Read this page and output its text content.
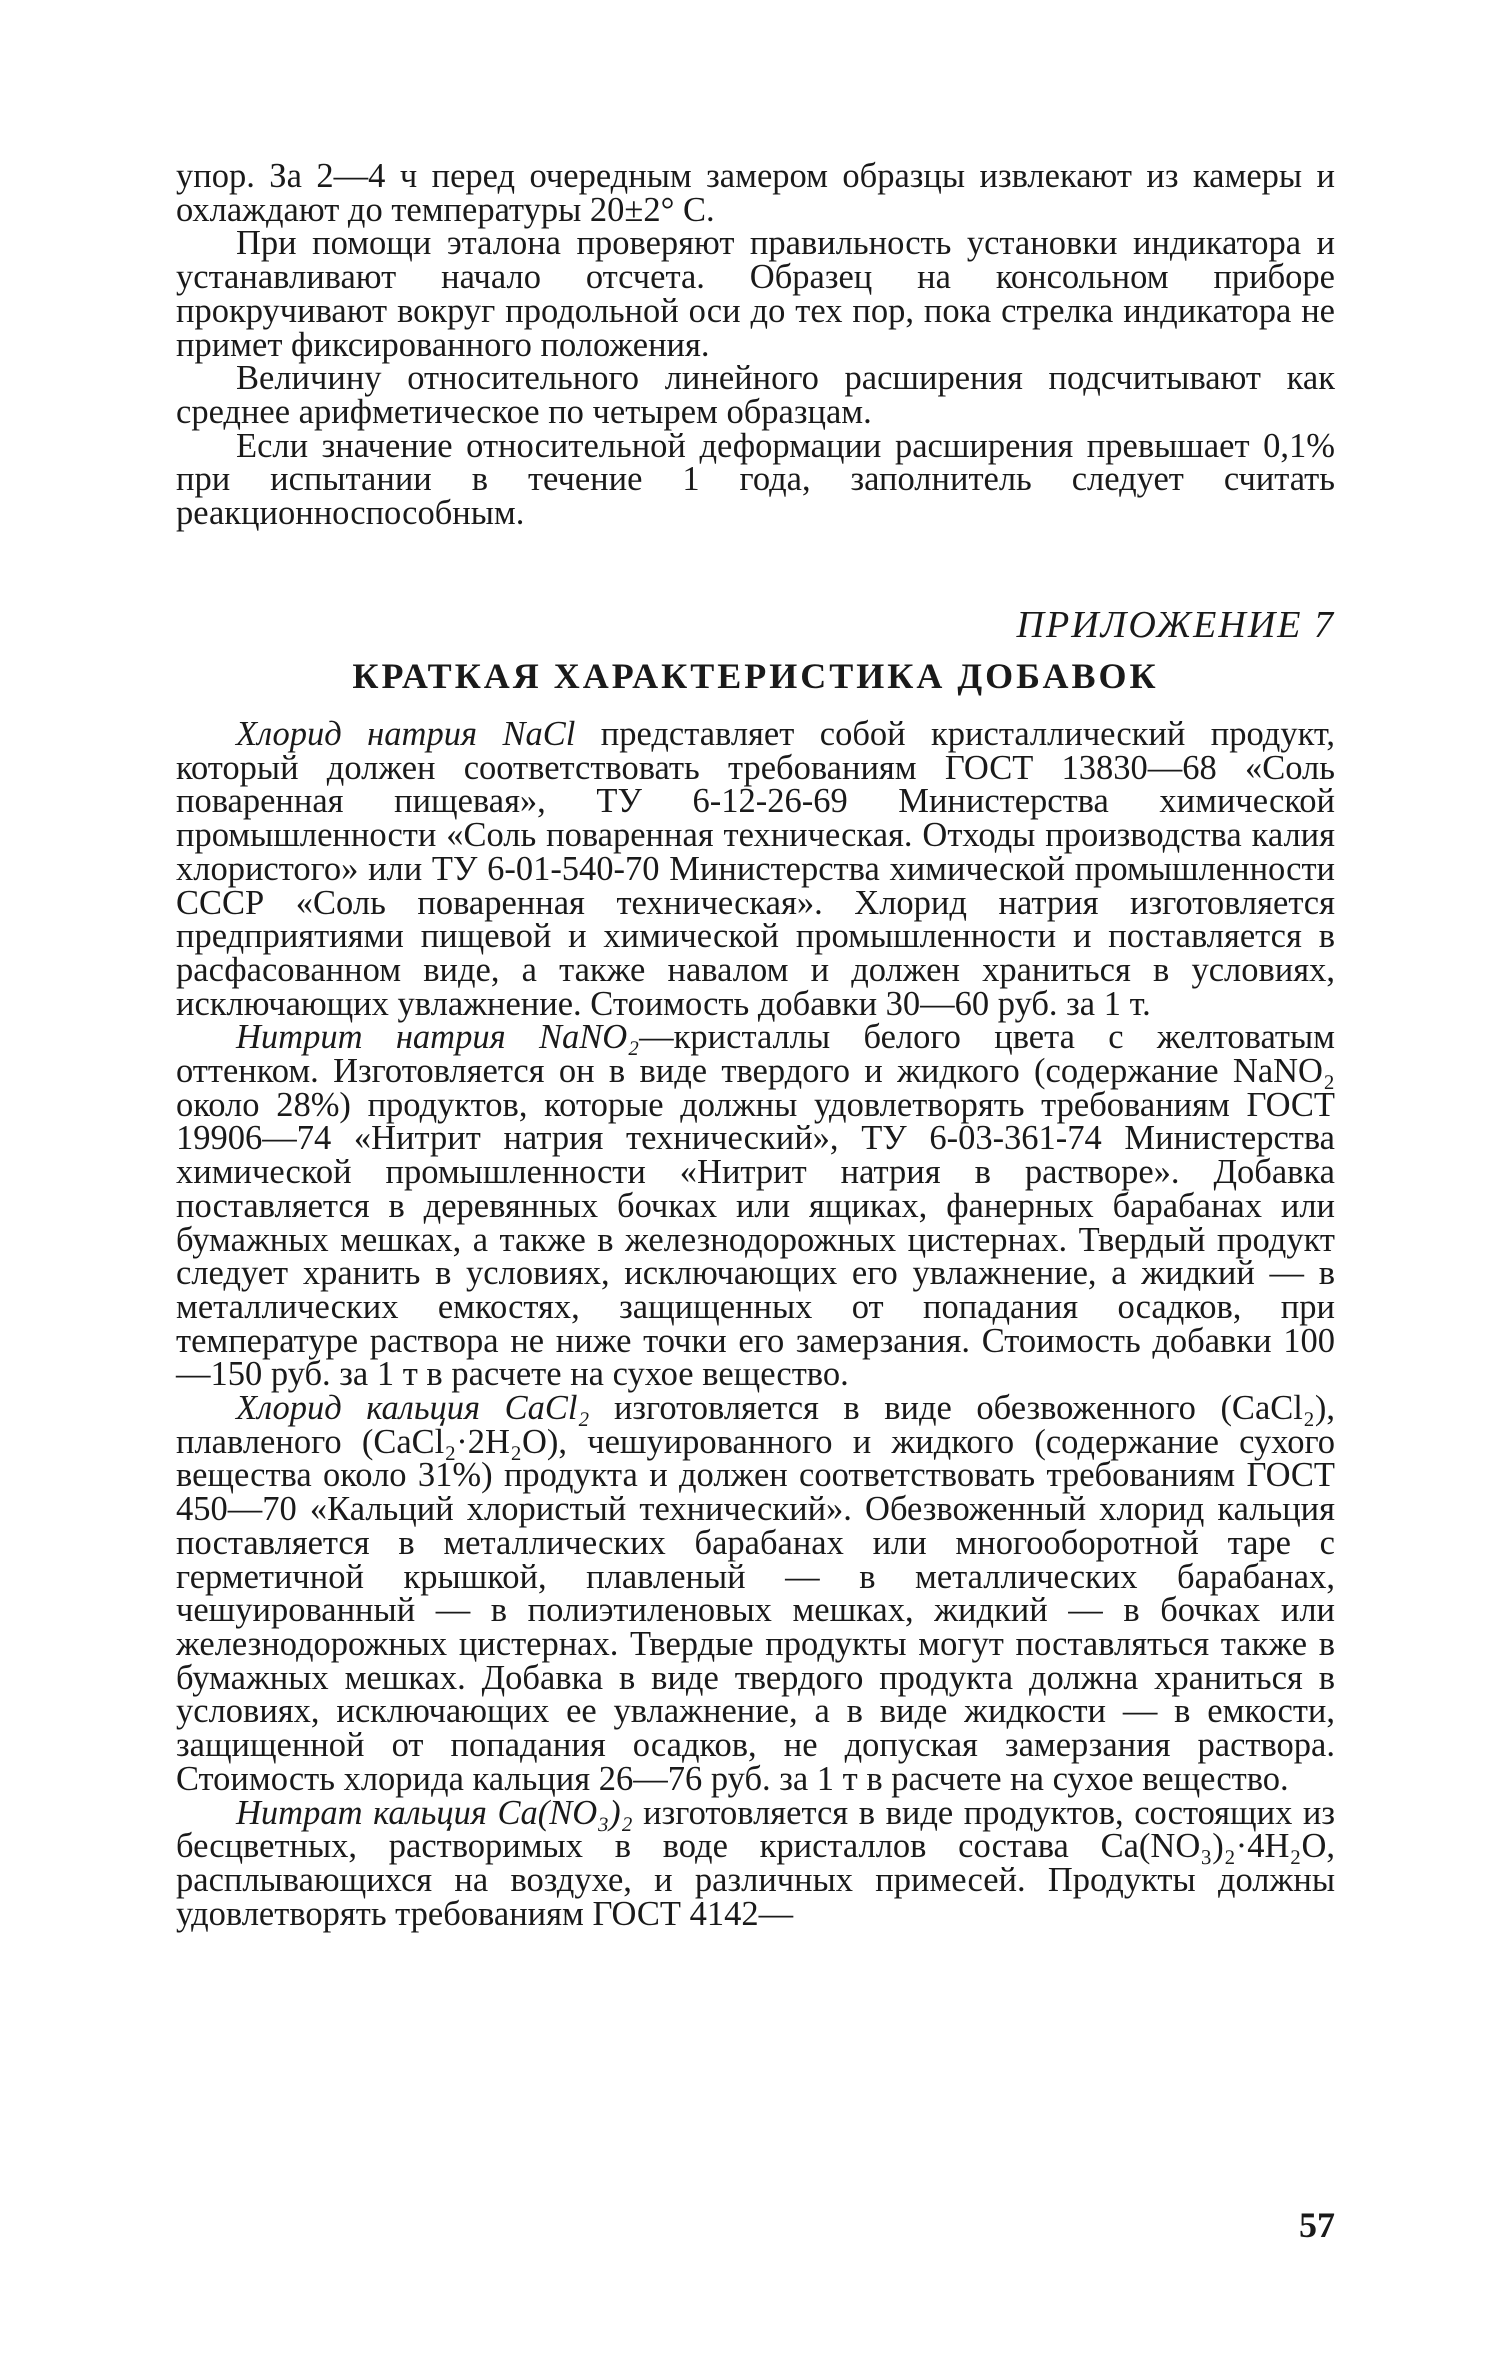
упор. За 2—4 ч перед очередным замером образцы извлекают из камеры и охлаждают до температуры 20±2° С.

При помощи эталона проверяют правильность установки индикатора и устанавливают начало отсчета. Образец на консольном приборе прокручивают вокруг продольной оси до тех пор, пока стрелка индикатора не примет фиксированного положения.

Величину относительного линейного расширения подсчитывают как среднее арифметическое по четырем образцам.

Если значение относительной деформации расширения превышает 0,1% при испытании в течение 1 года, заполнитель следует считать реакционноспособным.

ПРИЛОЖЕНИЕ 7
КРАТКАЯ ХАРАКТЕРИСТИКА ДОБАВОК

Хлорид натрия NaCl представляет собой кристаллический продукт, который должен соответствовать требованиям ГОСТ 13830—68 «Соль поваренная пищевая», ТУ 6-12-26-69 Министерства химической промышленности «Соль поваренная техническая. Отходы производства калия хлористого» или ТУ 6-01-540-70 Министерства химической промышленности СССР «Соль поваренная техническая». Хлорид натрия изготовляется предприятиями пищевой и химической промышленности и поставляется в расфасованном виде, а также навалом и должен храниться в условиях, исключающих увлажнение. Стоимость добавки 30—60 руб. за 1 т.

Нитрит натрия NaNO₂—кристаллы белого цвета с желтоватым оттенком. Изготовляется он в виде твердого и жидкого (содержание NaNO₂ около 28%) продуктов, которые должны удовлетворять требованиям ГОСТ 19906—74 «Нитрит натрия технический», ТУ 6-03-361-74 Министерства химической промышленности «Нитрит натрия в растворе». Добавка поставляется в деревянных бочках или ящиках, фанерных барабанах или бумажных мешках, а также в железнодорожных цистернах. Твердый продукт следует хранить в условиях, исключающих его увлажнение, а жидкий — в металлических емкостях, защищенных от попадания осадков, при температуре раствора не ниже точки его замерзания. Стоимость добавки 100—150 руб. за 1 т в расчете на сухое вещество.

Хлорид кальция CaCl₂ изготовляется в виде обезвоженного (CaCl₂), плавленого (CaCl₂·2H₂O), чешуированного и жидкого (содержание сухого вещества около 31%) продукта и должен соответствовать требованиям ГОСТ 450—70 «Кальций хлористый технический». Обезвоженный хлорид кальция поставляется в металлических барабанах или многооборотной таре с герметичной крышкой, плавленый — в металлических барабанах, чешуированный — в полиэтиленовых мешках, жидкий — в бочках или железнодорожных цистернах. Твердые продукты могут поставляться также в бумажных мешках. Добавка в виде твердого продукта должна храниться в условиях, исключающих ее увлажнение, а в виде жидкости — в емкости, защищенной от попадания осадков, не допуская замерзания раствора. Стоимость хлорида кальция 26—76 руб. за 1 т в расчете на сухое вещество.

Нитрат кальция Ca(NO₃)₂ изготовляется в виде продуктов, состоящих из бесцветных, растворимых в воде кристаллов состава Ca(NO₃)₂·4H₂O, расплывающихся на воздухе, и различных примесей. Продукты должны удовлетворять требованиям ГОСТ 4142—

57
